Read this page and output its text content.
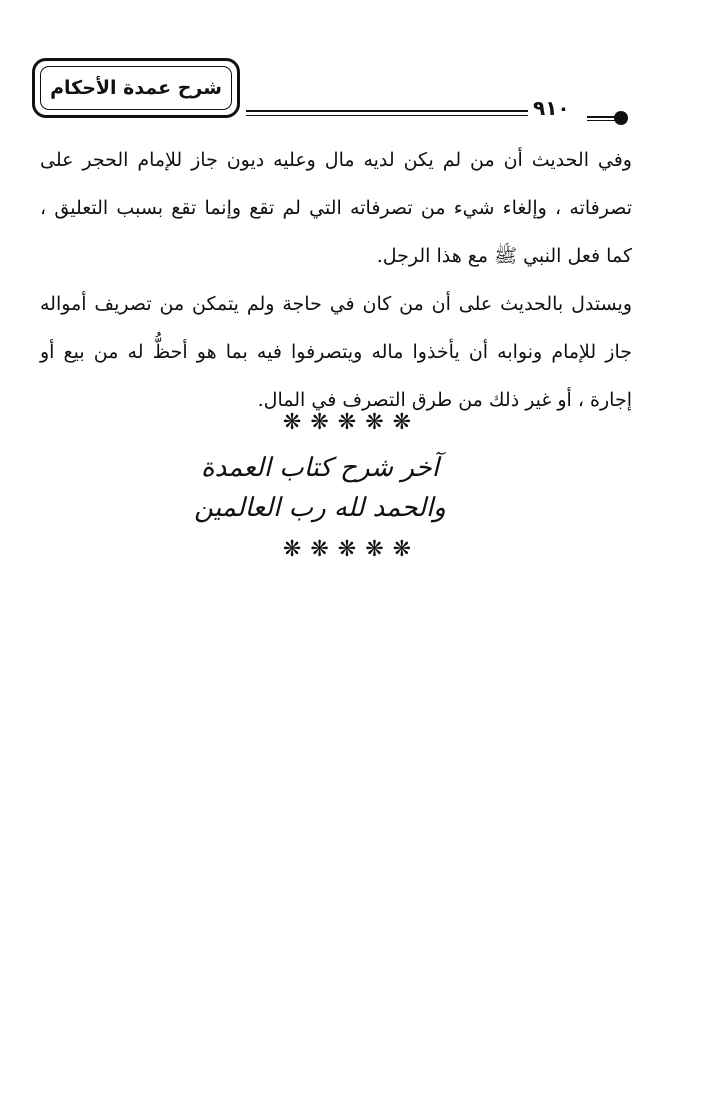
شرح عمدة الأحكام
٩١٠

وفي الحديث أن من لم يكن لديه مال وعليه ديون جاز للإمام الحجر على تصرفاته ، وإلغاء شيء من تصرفاته التي لم تقع وإنما تقع بسبب التعليق ، كما فعل النبي ﷺ مع هذا الرجل.

ويستدل بالحديث على أن من كان في حاجة ولم يتمكن من تصريف أمواله جاز للإمام ونوابه أن يأخذوا ماله ويتصرفوا فيه بما هو أحظُّ له من بيع أو إجارة ، أو غير ذلك من طرق التصرف في المال.

❋❋❋❋❋
آخر شرح كتاب العمدة
والحمد لله رب العالمين
❋❋❋❋❋
